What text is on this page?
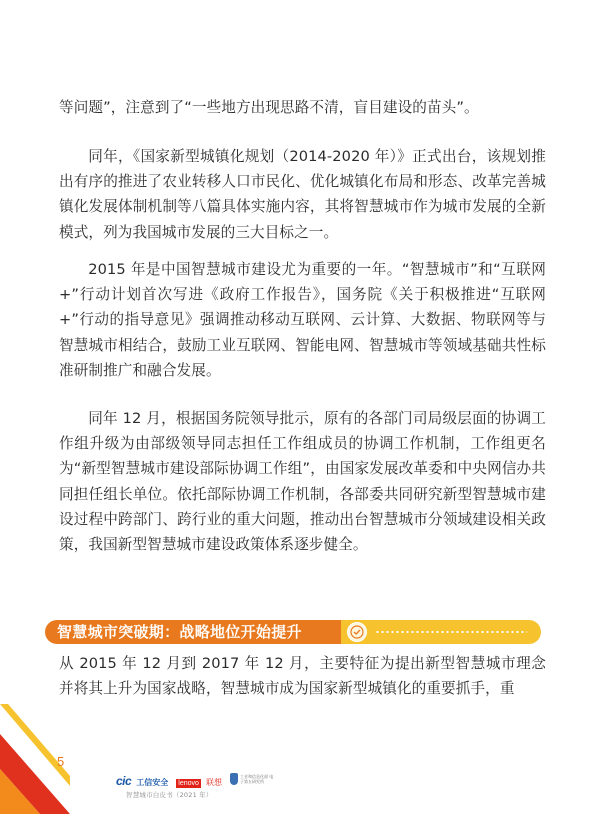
等问题”，注意到了“一些地方出现思路不清，盲目建设的苗头”。

同年，《国家新型城镇化规划（2014-2020 年）》正式出台，该规划推出有序的推进了农业转移人口市民化、优化城镇化布局和形态、改革完善城镇化发展体制机制等八篇具体实施内容，其将智慧城市作为城市发展的全新模式，列为我国城市发展的三大目标之一。

2015 年是中国智慧城市建设尤为重要的一年。“智慧城市”和“互联网 +”行动计划首次写进《政府工作报告》，国务院《关于积极推进“互联网 +”行动的指导意见》强调推动移动互联网、云计算、大数据、物联网等与智慧城市相结合，鼓励工业互联网、智能电网、智慧城市等领域基础共性标准研制推广和融合发展。

同年 12 月，根据国务院领导批示，原有的各部门司局级层面的协调工作组升级为由部级领导同志担任工作组成员的协调工作机制，工作组更名为“新型智慧城市建设部际协调工作组”，由国家发展改革委和中央网信办共同担任组长单位。依托部际协调工作机制，各部委共同研究新型智慧城市建设过程中跨部门、跨行业的重大问题，推动出台智慧城市分领域建设相关政策，我国新型智慧城市建设政策体系逐步健全。

智慧城市突破期：战略地位开始提升

从 2015 年 12 月到 2017 年 12 月，主要特征为提出新型智慧城市理念并将其上升为国家战略，智慧城市成为国家新型城镇化的重要抓手，重

5
cic 工信安全 lenovo 联想
工业和信息化部 电子第五研究所
智慧城市白皮书（2021 年）
